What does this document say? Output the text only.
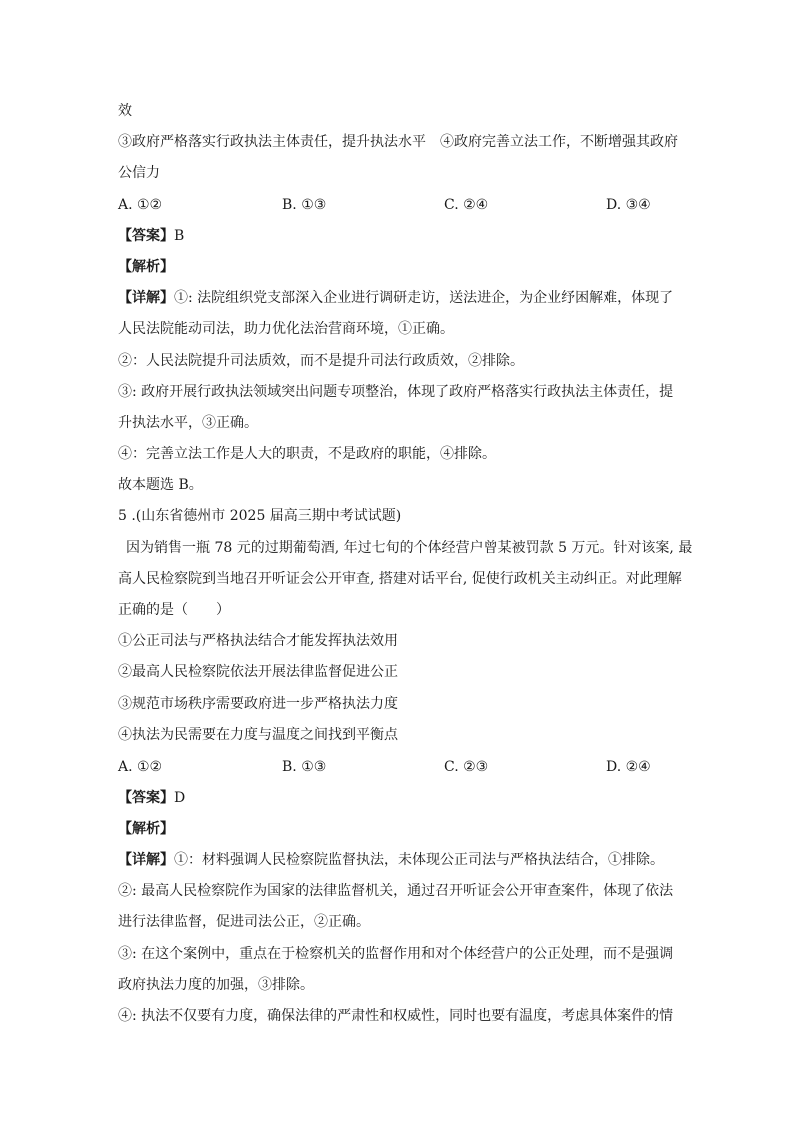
效
③政府严格落实行政执法主体责任，提升执法水平　④政府完善立法工作，不断增强其政府
公信力
A. ①②	B. ①③	C. ②④	D. ③④
【答案】B
【解析】
【详解】①: 法院组织党支部深入企业进行调研走访，送法进企，为企业纾困解难，体现了
人民法院能动司法，助力优化法治营商环境，①正确。
②：人民法院提升司法质效，而不是提升司法行政质效，②排除。
③: 政府开展行政执法领域突出问题专项整治，体现了政府严格落实行政执法主体责任，提
升执法水平，③正确。
④：完善立法工作是人大的职责，不是政府的职能，④排除。
故本题选 B。
5 .(山东省德州市 2025 届高三期中考试试题)
因为销售一瓶 78 元的过期葡萄酒, 年过七旬的个体经营户曾某被罚款 5 万元。针对该案, 最
高人民检察院到当地召开听证会公开审查, 搭建对话平台, 促使行政机关主动纠正。对此理解
正确的是（　　）
①公正司法与严格执法结合才能发挥执法效用
②最高人民检察院依法开展法律监督促进公正
③规范市场秩序需要政府进一步严格执法力度
④执法为民需要在力度与温度之间找到平衡点
A. ①②	B. ①③	C. ②③	D. ②④
【答案】D
【解析】
【详解】①：材料强调人民检察院监督执法，未体现公正司法与严格执法结合，①排除。
②: 最高人民检察院作为国家的法律监督机关，通过召开听证会公开审查案件，体现了依法
进行法律监督，促进司法公正，②正确。
③: 在这个案例中，重点在于检察机关的监督作用和对个体经营户的公正处理，而不是强调
政府执法力度的加强，③排除。
④: 执法不仅要有力度，确保法律的严肃性和权威性，同时也要有温度，考虑具体案件的情
